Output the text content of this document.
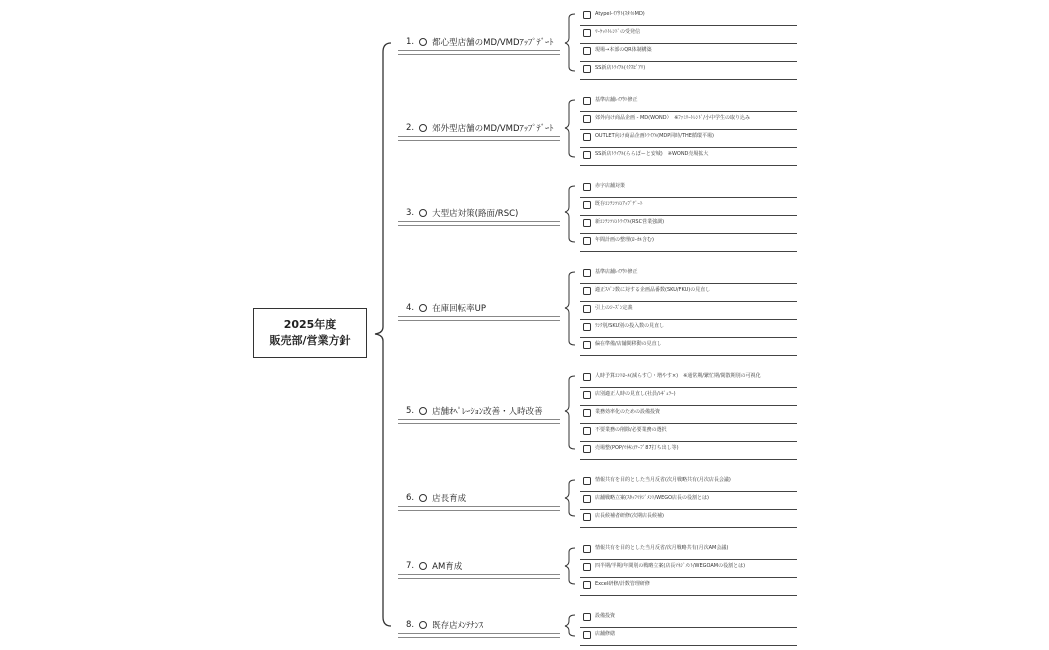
2025年度
販売部/営業方針
1. 都心型店舗のMD/VMDｱｯﾌﾟﾃﾞｰﾄ
Atypel-ｲｱｳﾄ(ｽﾀｲﾙMD)
ﾏｰｹｯﾄﾄﾚﾝﾄﾞの受発信
現場→本部のQR体制構築
SS新店ﾄﾗｲｱﾙ(ｲｸｽﾋﾟｱﾘ)
2. 郊外型店舗のMD/VMDｱｯﾌﾟﾃﾞｰﾄ
基準店舗ﾚｲｱｳﾄ修正
郊外向け商品企画 - MD(WOND）　※ﾌｧﾐﾘｰﾄﾚﾝﾄﾞ/小中学生の取り込み
OUTLET向け商品企画ﾄﾗｲｱﾙ(MDP同時/THE循環平場)
SS新店ﾄﾗｲｱﾙ(ららぽーと安城)　※WOND売場拡大
3. 大型店対策(路面/RSC)
赤字店舗対策
既存ｺﾝﾃﾝﾂのｱｯﾌﾟﾃﾞｰﾄ
新ｺﾝﾃﾝﾂのﾄﾗｲｱﾙ(RSC営業強調)
年間計画の整理(ﾛｰｶﾙ含む)
4. 在庫回転率UP
基準店舗ﾚｲｱｳﾄ修正
適正ｽﾊﾟﾝ数に対する企画品番数(SKU/FKU)の見直し
引上のｼｰｽﾞﾝ定義
ﾗﾝｸ別/SKU別の投入数の見直し
偏在準備/店舗間移動の見直し
5. 店舗ｵﾍﾟﾚｰｼｮﾝ改善・人時改善
人時予算ｺﾝﾄﾛｰﾙ(減らす〇・増やす×)　※通常期/繁忙期/閑散期別の可視化
店別適正人時の見直し(社員/ﾚｷﾞｭﾗｰ)
業務効率化のための設備投資
不要業務の削除/必要業務の選択
売場整(POP/ﾏﾈｷﾝ/ﾃｰﾌﾟ87打ち出し等)
6. 店長育成
情報共有を目的とした当月反省(次月戦略共有(月次店長会議)
店舗戦略立案(ｽﾀｯﾌﾏﾈｼﾞﾒﾝﾄ/WEGO店長の役割とは)
店長候補者研修(次期店長候補)
7. AM育成
情報共有を目的とした当月反省/次月戦略共有(月次AM会議)
四半期/半期/年間別の戦略立案(店長ﾏﾈｼﾞﾒﾝﾄ/WEGOAMの役割とは)
Excel研修/計数管理研修
8. 既存店ﾒﾝﾃﾅﾝｽ
設備投資
店舗修繕
